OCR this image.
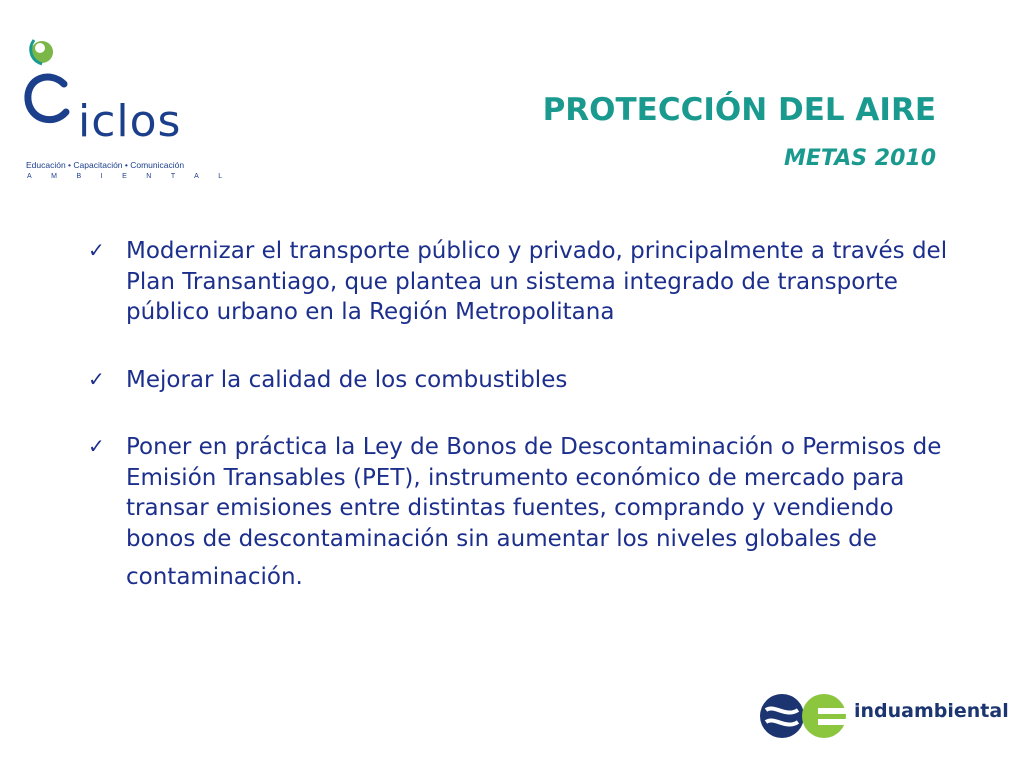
iclos
Educación • Capacitación • Comunicación
AMBIENTAL
PROTECCIÓN DEL AIRE
METAS 2010
✓ Modernizar el transporte público y privado, principalmente a través del Plan Transantiago, que plantea un sistema integrado de transporte público urbano en la Región Metropolitana
✓ Mejorar la calidad de los combustibles
✓ Poner en práctica la Ley de Bonos de Descontaminación o Permisos de Emisión Transables (PET), instrumento económico de mercado para transar emisiones entre distintas fuentes, comprando y vendiendo bonos de descontaminación sin aumentar los niveles globales de
contaminación.
induambiental
